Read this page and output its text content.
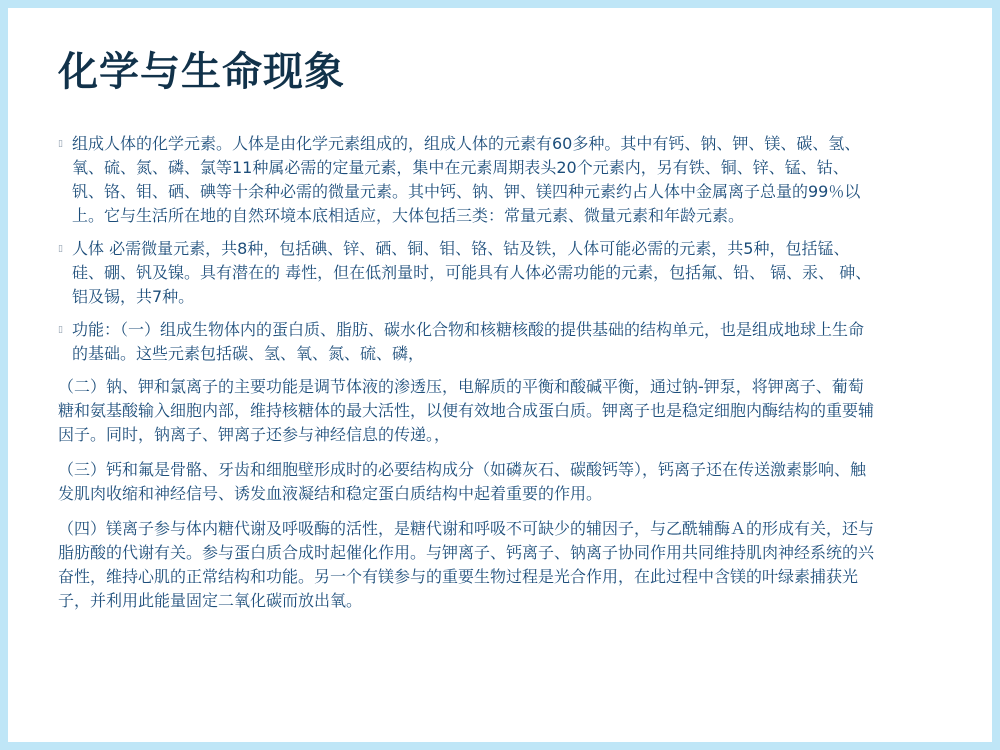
化学与生命现象

▯ 组成人体的化学元素。人体是由化学元素组成的，组成人体的元素有60多种。其中有钙、钠、钾、镁、碳、氢、氧、硫、氮、磷、氯等11种属必需的定量元素，集中在元素周期表头20个元素内，另有铁、铜、锌、锰、钴、钒、铬、钼、硒、碘等十余种必需的微量元素。其中钙、钠、钾、镁四种元素约占人体中金属离子总量的99％以上。它与生活所在地的自然环境本底相适应，大体包括三类：常量元素、微量元素和年龄元素。

▯ 人体 必需微量元素，共8种，包括碘、锌、硒、铜、钼、铬、钴及铁，人体可能必需的元素，共5种，包括锰、硅、硼、钒及镍。具有潜在的 毒性，但在低剂量时，可能具有人体必需功能的元素，包括氟、铅、 镉、汞、 砷、 铝及锡，共7种。

▯ 功能：（一）组成生物体内的蛋白质、脂肪、碳水化合物和核糖核酸的提供基础的结构单元，也是组成地球上生命的基础。这些元素包括碳、氢、氧、氮、硫、磷，

（二）钠、钾和氯离子的主要功能是调节体液的渗透压，电解质的平衡和酸碱平衡，通过钠-钾泵，将钾离子、葡萄糖和氨基酸输入细胞内部，维持核糖体的最大活性，以便有效地合成蛋白质。钾离子也是稳定细胞内酶结构的重要辅因子。同时，钠离子、钾离子还参与神经信息的传递。，

（三）钙和氟是骨骼、牙齿和细胞壁形成时的必要结构成分（如磷灰石、碳酸钙等），钙离子还在传送激素影响、触发肌肉收缩和神经信号、诱发血液凝结和稳定蛋白质结构中起着重要的作用。

（四）镁离子参与体内糖代谢及呼吸酶的活性，是糖代谢和呼吸不可缺少的辅因子，与乙酰辅酶Ａ的形成有关，还与脂肪酸的代谢有关。参与蛋白质合成时起催化作用。与钾离子、钙离子、钠离子协同作用共同维持肌肉神经系统的兴奋性，维持心肌的正常结构和功能。另一个有镁参与的重要生物过程是光合作用，在此过程中含镁的叶绿素捕获光子，并利用此能量固定二氧化碳而放出氧。
